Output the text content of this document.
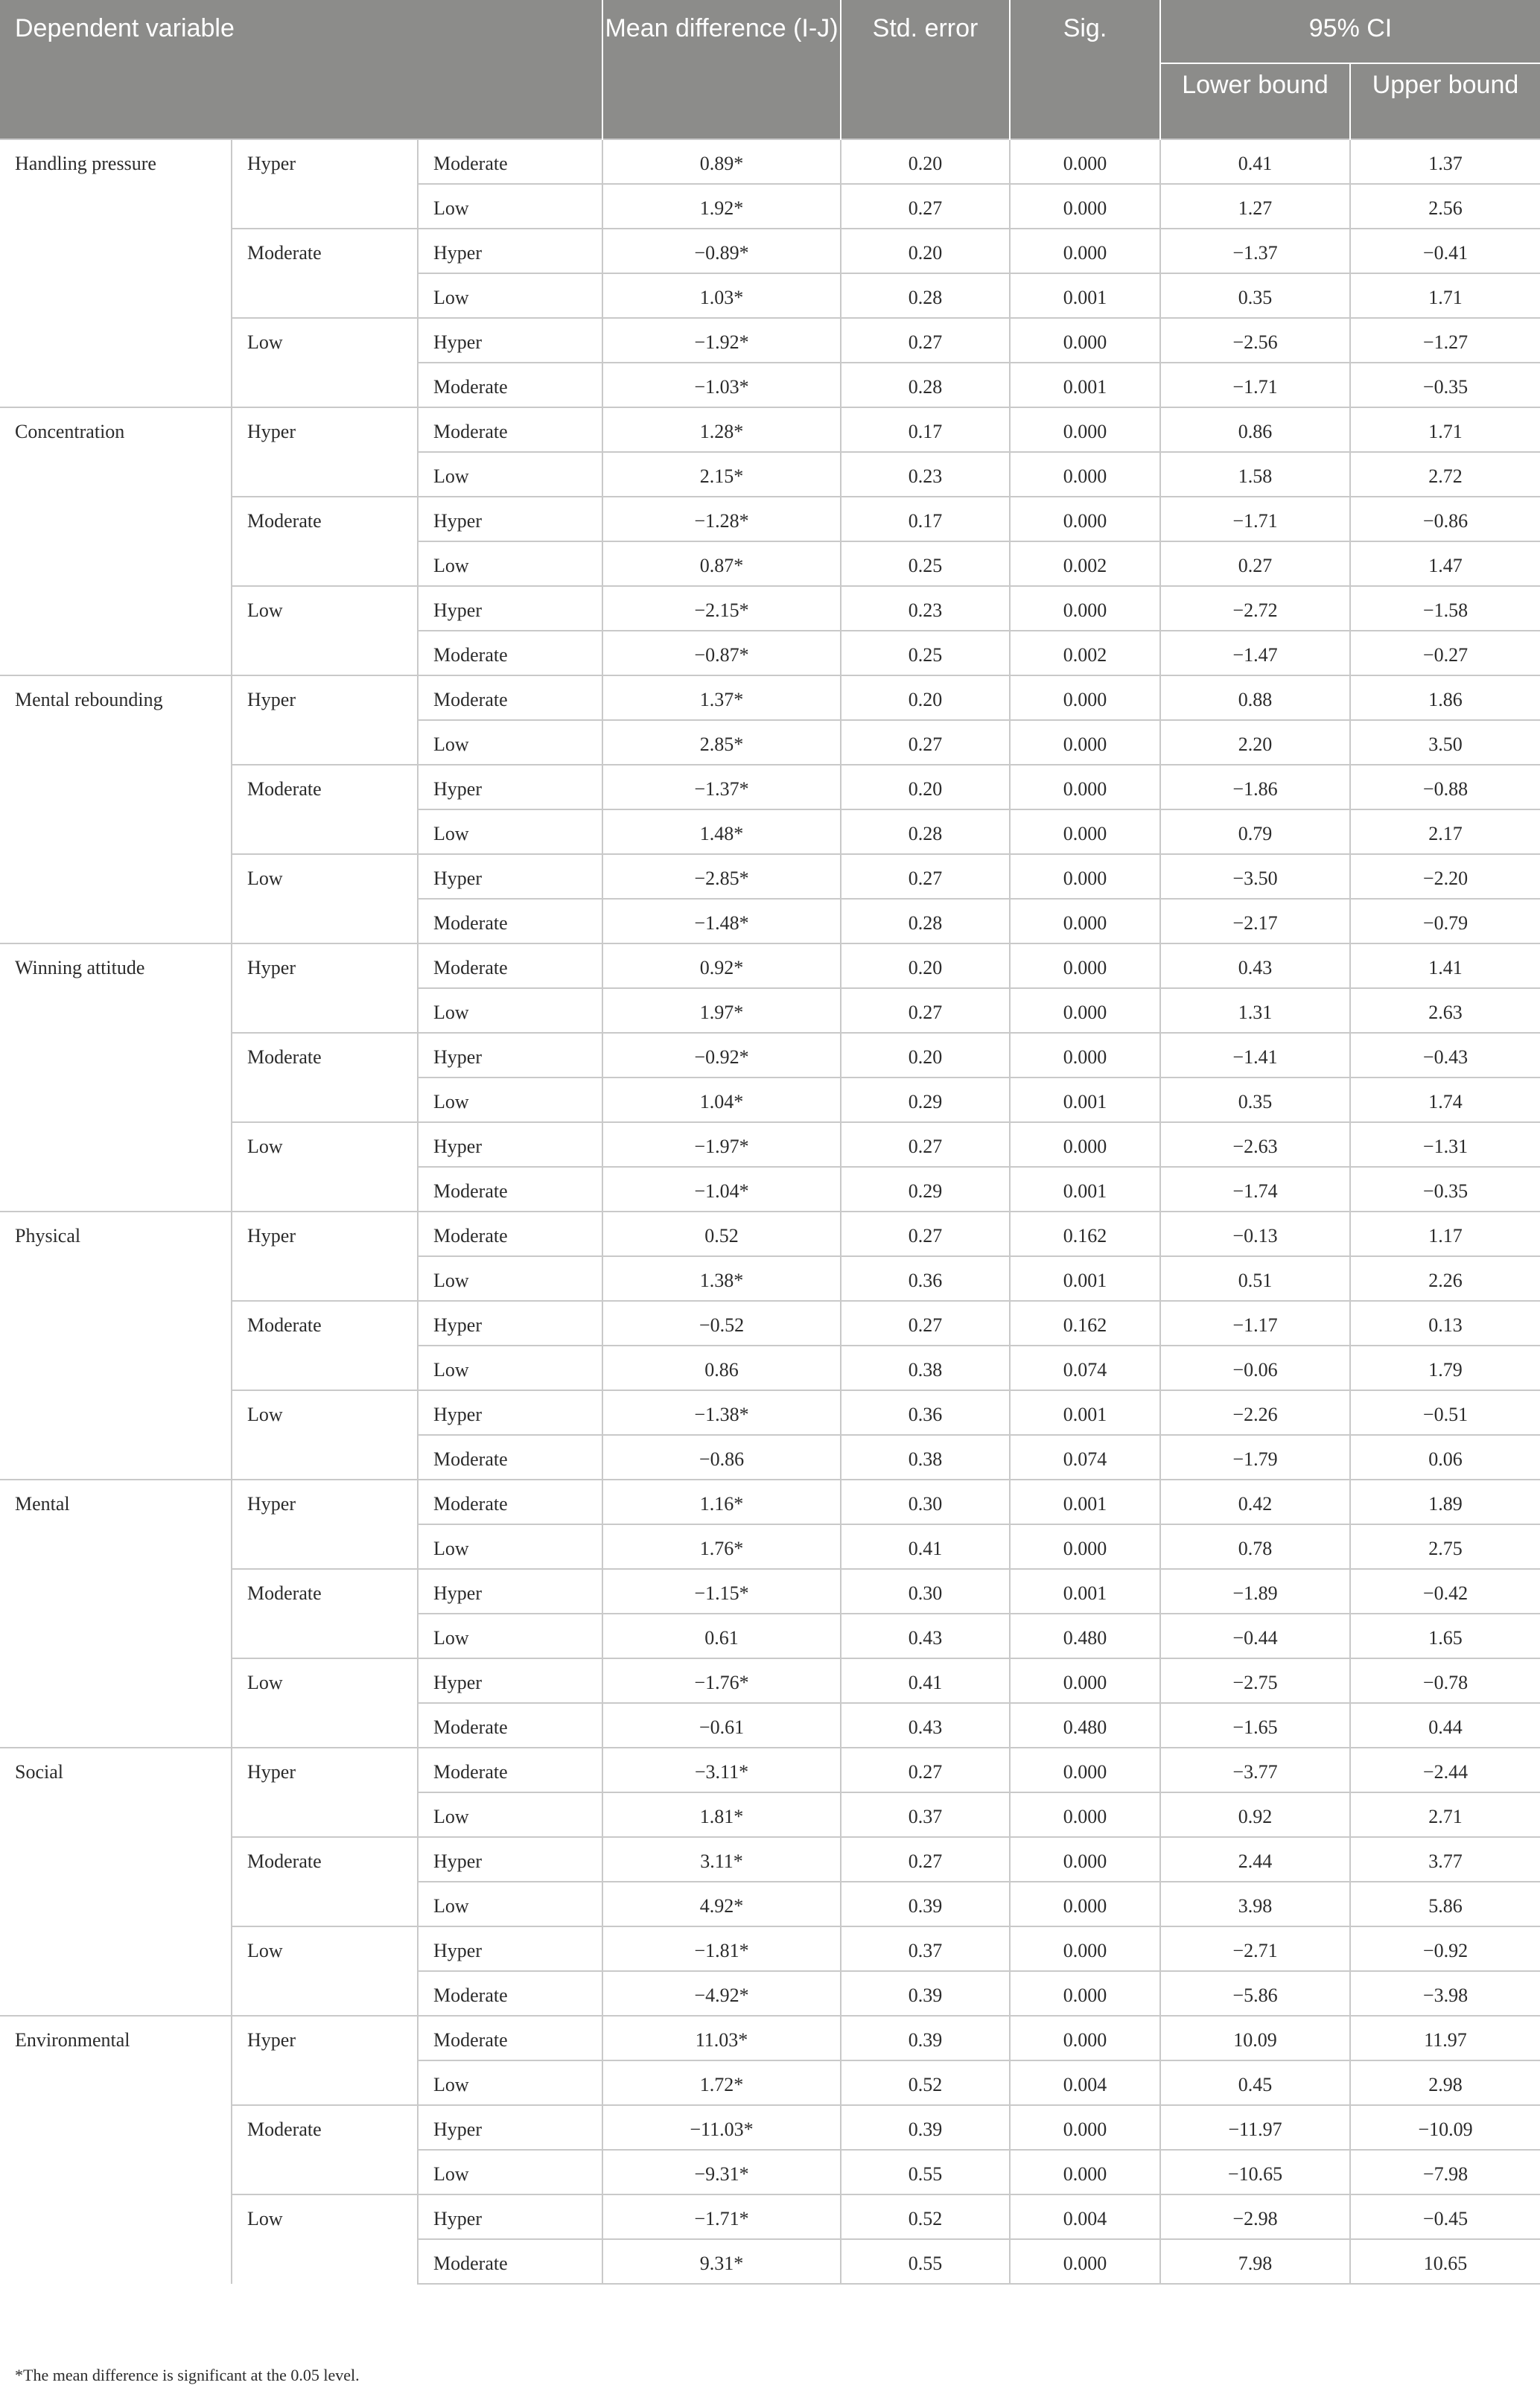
Dependent variable			Mean difference (I-J)	Std. error	Sig.	95% CI	
						Lower bound	Upper bound

Handling pressure	Hyper	Moderate	0.89*	0.20	0.000	0.41	1.37

		Low	1.92*	0.27	0.000	1.27	2.56

	Moderate	Hyper	−0.89*	0.20	0.000	−1.37	−0.41

		Low	1.03*	0.28	0.001	0.35	1.71

	Low	Hyper	−1.92*	0.27	0.000	−2.56	−1.27

		Moderate	−1.03*	0.28	0.001	−1.71	−0.35

Concentration	Hyper	Moderate	1.28*	0.17	0.000	0.86	1.71

		Low	2.15*	0.23	0.000	1.58	2.72

	Moderate	Hyper	−1.28*	0.17	0.000	−1.71	−0.86

		Low	0.87*	0.25	0.002	0.27	1.47

	Low	Hyper	−2.15*	0.23	0.000	−2.72	−1.58

		Moderate	−0.87*	0.25	0.002	−1.47	−0.27

Mental rebounding	Hyper	Moderate	1.37*	0.20	0.000	0.88	1.86

		Low	2.85*	0.27	0.000	2.20	3.50

	Moderate	Hyper	−1.37*	0.20	0.000	−1.86	−0.88

		Low	1.48*	0.28	0.000	0.79	2.17

	Low	Hyper	−2.85*	0.27	0.000	−3.50	−2.20

		Moderate	−1.48*	0.28	0.000	−2.17	−0.79

Winning attitude	Hyper	Moderate	0.92*	0.20	0.000	0.43	1.41

		Low	1.97*	0.27	0.000	1.31	2.63

	Moderate	Hyper	−0.92*	0.20	0.000	−1.41	−0.43

		Low	1.04*	0.29	0.001	0.35	1.74

	Low	Hyper	−1.97*	0.27	0.000	−2.63	−1.31

		Moderate	−1.04*	0.29	0.001	−1.74	−0.35

Physical	Hyper	Moderate	0.52	0.27	0.162	−0.13	1.17

		Low	1.38*	0.36	0.001	0.51	2.26

	Moderate	Hyper	−0.52	0.27	0.162	−1.17	0.13

		Low	0.86	0.38	0.074	−0.06	1.79

	Low	Hyper	−1.38*	0.36	0.001	−2.26	−0.51

		Moderate	−0.86	0.38	0.074	−1.79	0.06

Mental	Hyper	Moderate	1.16*	0.30	0.001	0.42	1.89

		Low	1.76*	0.41	0.000	0.78	2.75

	Moderate	Hyper	−1.15*	0.30	0.001	−1.89	−0.42

		Low	0.61	0.43	0.480	−0.44	1.65

	Low	Hyper	−1.76*	0.41	0.000	−2.75	−0.78

		Moderate	−0.61	0.43	0.480	−1.65	0.44

Social	Hyper	Moderate	−3.11*	0.27	0.000	−3.77	−2.44

		Low	1.81*	0.37	0.000	0.92	2.71

	Moderate	Hyper	3.11*	0.27	0.000	2.44	3.77

		Low	4.92*	0.39	0.000	3.98	5.86

	Low	Hyper	−1.81*	0.37	0.000	−2.71	−0.92

		Moderate	−4.92*	0.39	0.000	−5.86	−3.98

Environmental	Hyper	Moderate	11.03*	0.39	0.000	10.09	11.97

		Low	1.72*	0.52	0.004	0.45	2.98

	Moderate	Hyper	−11.03*	0.39	0.000	−11.97	−10.09

		Low	−9.31*	0.55	0.000	−10.65	−7.98

	Low	Hyper	−1.71*	0.52	0.004	−2.98	−0.45

		Moderate	9.31*	0.55	0.000	7.98	10.65
*The mean difference is significant at the 0.05 level.
